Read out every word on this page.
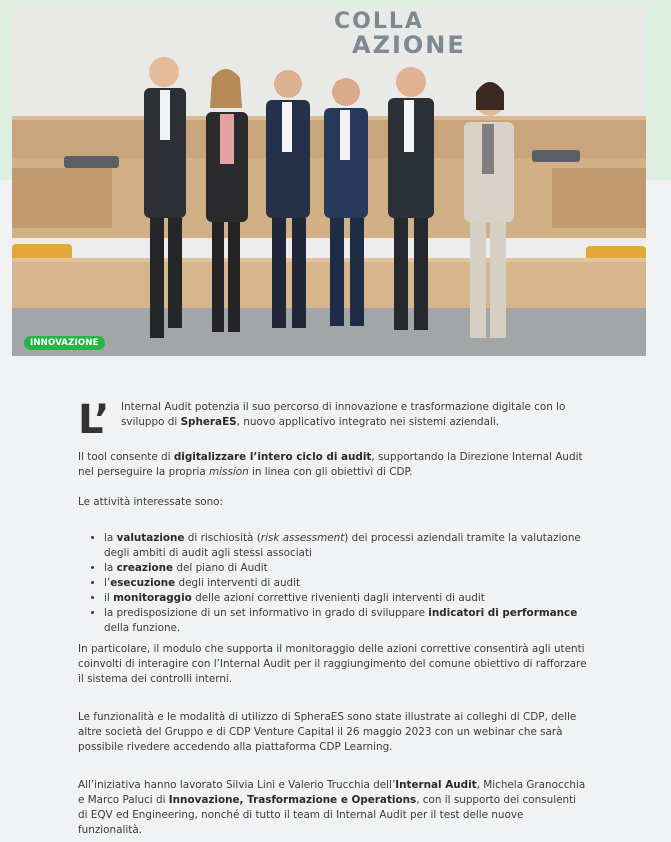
COLLA
AZIONE
INNOVAZIONE
L’ Internal Audit potenzia il suo percorso di innovazione e trasformazione digitale con lo sviluppo di SpheraES, nuovo applicativo integrato nei sistemi aziendali.

Il tool consente di digitalizzare l’intero ciclo di audit, supportando la Direzione Internal Audit nel perseguire la propria mission in linea con gli obiettivi di CDP.

Le attività interessate sono:

• la valutazione di rischiosità (risk assessment) dei processi aziendali tramite la valutazione degli ambiti di audit agli stessi associati
• la creazione del piano di Audit
• l’esecuzione degli interventi di audit
• il monitoraggio delle azioni correttive rivenienti dagli interventi di audit
• la predisposizione di un set informativo in grado di sviluppare indicatori di performance della funzione.

In particolare, il modulo che supporta il monitoraggio delle azioni correttive consentirà agli utenti coinvolti di interagire con l’Internal Audit per il raggiungimento del comune obiettivo di rafforzare il sistema dei controlli interni.

Le funzionalità e le modalità di utilizzo di SpheraES sono state illustrate ai colleghi di CDP, delle altre società del Gruppo e di CDP Venture Capital il 26 maggio 2023 con un webinar che sarà possibile rivedere accedendo alla piattaforma CDP Learning.

All’iniziativa hanno lavorato Silvia Lini e Valerio Trucchia dell’Internal Audit, Michela Granocchia e Marco Paluci di Innovazione, Trasformazione e Operations, con il supporto dei consulenti di EQV ed Engineering, nonché di tutto il team di Internal Audit per il test delle nuove funzionalità.
